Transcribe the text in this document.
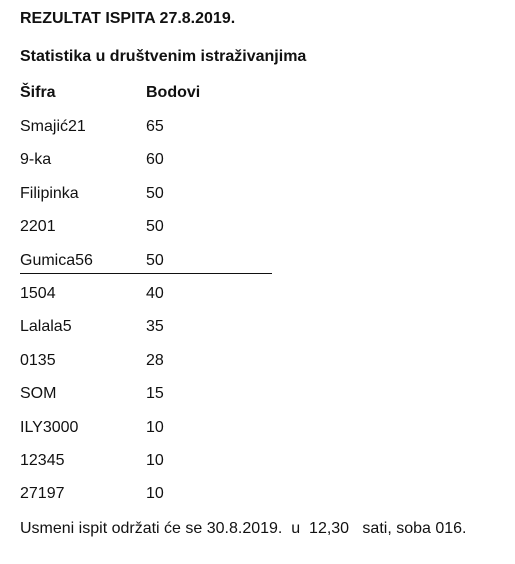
REZULTAT ISPITA 27.8.2019.
Statistika u društvenim istraživanjima
Šifra	Bodovi
Smajić21	65
9-ka	60
Filipinka	50
2201	50
Gumica56	50
1504	40
Lalala5	35
0135	28
SOM	15
ILY3000	10
12345	10
27197	10
Usmeni ispit održati će se 30.8.2019.  u  12,30   sati, soba 016.
